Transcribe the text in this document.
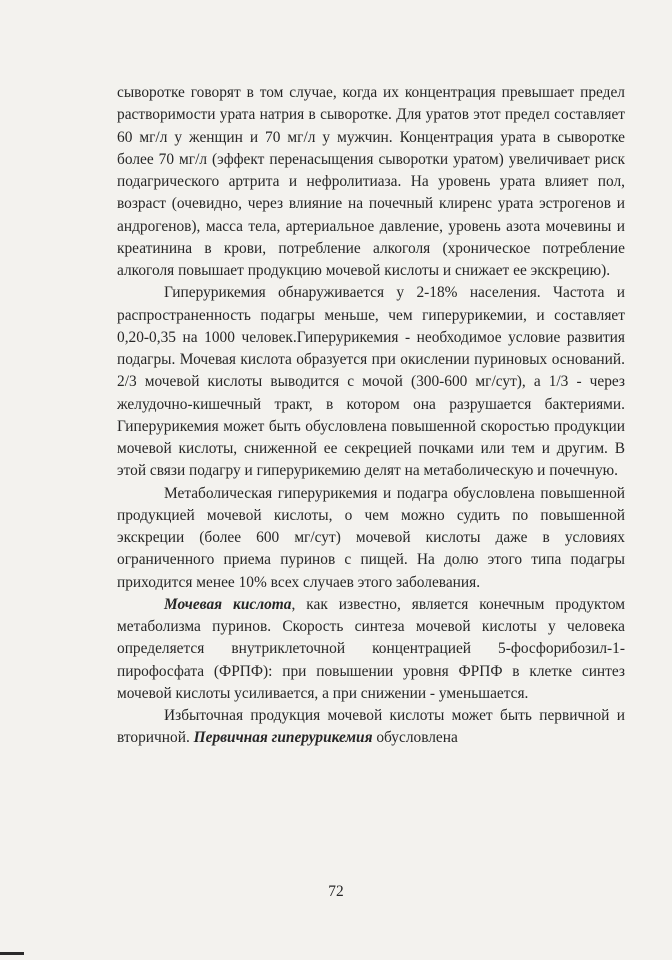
сыворотке говорят в том случае, когда их концентрация превышает предел растворимости урата натрия в сыворотке. Для уратов этот предел составляет 60 мг/л у женщин и 70 мг/л у мужчин. Концентрация урата в сыворотке более 70 мг/л (эффект перенасыщения сыворотки уратом) увеличивает риск подагрического артрита и нефролитиаза. На уровень урата влияет пол, возраст (очевидно, через влияние на почечный клиренс урата эстрогенов и андрогенов), масса тела, артериальное давление, уровень азота мочевины и креатинина в крови, потребление алкоголя (хроническое потребление алкоголя повышает продукцию мочевой кислоты и снижает ее экскрецию).

Гиперурикемия обнаруживается у 2-18% населения. Частота и распространенность подагры меньше, чем гиперурикемии, и составляет 0,20-0,35 на 1000 человек.Гиперурикемия - необходимое условие развития подагры. Мочевая кислота образуется при окислении пуриновых оснований. 2/3 мочевой кислоты выводится с мочой (300-600 мг/сут), а 1/3 - через желудочно-кишечный тракт, в котором она разрушается бактериями. Гиперурикемия может быть обусловлена повышенной скоростью продукции мочевой кислоты, сниженной ее секрецией почками или тем и другим. В этой связи подагру и гиперурикемию делят на метаболическую и почечную.

Метаболическая гиперурикемия и подагра обусловлена повышенной продукцией мочевой кислоты, о чем можно судить по повышенной экскреции (более 600 мг/сут) мочевой кислоты даже в условиях ограниченного приема пуринов с пищей. На долю этого типа подагры приходится менее 10% всех случаев этого заболевания.

Мочевая кислота, как известно, является конечным продуктом метаболизма пуринов. Скорость синтеза мочевой кислоты у человека определяется внутриклеточной концентрацией 5-фосфорибозил-1-пирофосфата (ФРПФ): при повышении уровня ФРПФ в клетке синтез мочевой кислоты усиливается, а при снижении - уменьшается.

Избыточная продукция мочевой кислоты может быть первичной и вторичной. Первичная гиперурикемия обусловлена

72
